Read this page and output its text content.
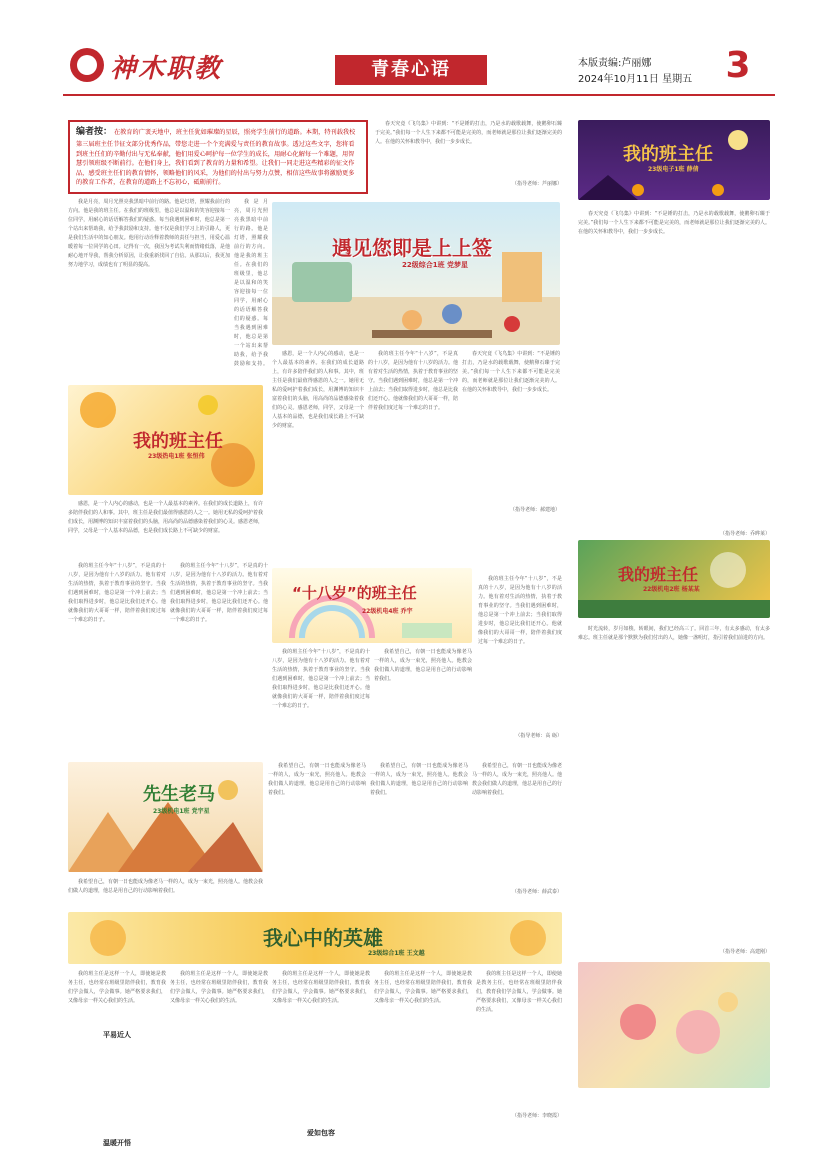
神木职教	青春心语	本版责编:芦丽娜
2024年10月11日 星期五 3
编者按： 在教育的广袤天地中，班主任犹如璀璨的星辰，照亮学生前行的道路。本期，特刊载我校第三届班主任节征文部分优秀作品，带您走进一个个充满爱与责任的教育故事。透过这些文字，您将看到班主任们的辛勤付出与无私奉献，他们用爱心呵护每一位学生的成长，用耐心化解每一个难题，用智慧引领班级不断前行。在他们身上，我们看到了教育的力量和希望。让我们一同走进这些精彩的征文作品，感受班主任们的教育情怀，领略他们的风采，为他们的付出与努力点赞，相信这些故事将激励更多的教育工作者，在教育的道路上不忘初心，砥砺前行。

我是月亮，周月光照亮我黑暗中前行的路。他是灯塔，照耀我前行的方向。他是我的班主任。在我们的班级里，他总是以温和的笑容迎接每一位同学，用耐心的话语解答我们的疑惑。每当我遇到困难时，他总是第一个站出来帮助我，给予我鼓励和支持。他不仅是我们学习上的引路人，更是我们生活中的知心朋友。他用行动诠释着教师的责任与担当，用爱心温暖着每一位同学的心田。记得有一次，我因为考试失利而情绪低落，是他耐心地开导我，帮我分析原因，让我重新找回了自信。从那以后，我更加努力地学习，成绩也有了明显的提高。

我是月亮，周月光照亮我黑暗中前行的路。他是灯塔，照耀我前行的方向。他是我的班主任。在我们的班级里，他总是以温和的笑容迎接每一位同学，用耐心的话语解答我们的疑惑。每当我遇到困难时，他总是第一个站出来帮助我，给予我鼓励和支持。

遇见您即是上上签
22级综合1班 党梦星

感恩，是一个人内心的感动，也是一个人最基本的素养。在我们的成长道路上，有许多陪伴我们的人和事。其中，班主任是我们最值得感恩的人之一。她用无私的爱呵护着我们成长，用渊博的知识丰富着我们的头脑，用高尚的品德感染着我们的心灵。感恩老师，同学，父母是一个人基本的品德，也是我们成长路上不可缺少的财富。

我的班主任今年“十八岁”，不是真的十八岁，是因为他有十八岁的活力。他有着对生活的热情，执着于教育事业的坚守。当我们遇到困难时，他总是第一个冲上前去；当我们取得进步时，他总是比我们还开心。他就像我们的大哥哥一样，陪伴着我们度过每一个难忘的日子。

春天究竟《飞鸟集》中讲到：“不是锤的打击，乃是水的载歌载舞，使鹅卵石臻于完美。”我们每一个人生下来都不可能是完美的，而老师就是那位让我们逐渐完美的人。在他的关怀和教导中，我们一步步成长。

（指导老师：郝建地）
我的班主任
23级热电1班 张恒伟

感恩，是一个人内心的感动，也是一个人最基本的素养。在我们的成长道路上，有许多陪伴我们的人和事。其中，班主任是我们最值得感恩的人之一。她用无私的爱呵护着我们成长，用渊博的知识丰富着我们的头脑，用高尚的品德感染着我们的心灵。感恩老师，同学，父母是一个人基本的品德，也是我们成长路上不可缺少的财富。

我的班主任今年“十八岁”，不是真的十八岁，是因为他有十八岁的活力。他有着对生活的热情，执着于教育事业的坚守。当我们遇到困难时，他总是第一个冲上前去；当我们取得进步时，他总是比我们还开心。他就像我们的大哥哥一样，陪伴着我们度过每一个难忘的日子。

我的班主任今年“十八岁”，不是真的十八岁，是因为他有十八岁的活力。他有着对生活的热情，执着于教育事业的坚守。当我们遇到困难时，他总是第一个冲上前去；当我们取得进步时，他总是比我们还开心。他就像我们的大哥哥一样，陪伴着我们度过每一个难忘的日子。

“十八岁”的班主任
22级机电4班 乔宇

我的班主任今年“十八岁”，不是真的十八岁，是因为他有十八岁的活力。他有着对生活的热情，执着于教育事业的坚守。当我们遇到困难时，他总是第一个冲上前去；当我们取得进步时，他总是比我们还开心。他就像我们的大哥哥一样，陪伴着我们度过每一个难忘的日子。

我希望自己，有朝一日也能成为像老马一样的人，成为一束光，照亮他人。他教会我们做人的道理，他总是用自己的行动影响着我们。

我的班主任今年“十八岁”，不是真的十八岁，是因为他有十八岁的活力。他有着对生活的热情，执着于教育事业的坚守。当我们遇到困难时，他总是第一个冲上前去；当我们取得进步时，他总是比我们还开心。他就像我们的大哥哥一样，陪伴着我们度过每一个难忘的日子。

（指导老师：高 砺）
先生老马
23级机电1班 党宇星

我希望自己，有朝一日也能成为像老马一样的人，成为一束光，照亮他人。他教会我们做人的道理，他总是用自己的行动影响着我们。

我希望自己，有朝一日也能成为像老马一样的人，成为一束光，照亮他人。他教会我们做人的道理，他总是用自己的行动影响着我们。

我希望自己，有朝一日也能成为像老马一样的人，成为一束光，照亮他人。他教会我们做人的道理，他总是用自己的行动影响着我们。

（指导老师：薛武泰）

我希望自己，有朝一日也能成为像老马一样的人，成为一束光，照亮他人。他教会我们做人的道理，他总是用自己的行动影响着我们。

我心中的英雄
23级综合1班 王文越

我的班主任是这样一个人，即使她是教务主任，也经常在班级里陪伴我们，教育我们学会做人，学会做事。她严格要求我们，又像母亲一样关心我们的生活。

平易近人
温暖开悟

我的班主任是这样一个人，即使她是教务主任，也经常在班级里陪伴我们，教育我们学会做人，学会做事。她严格要求我们，又像母亲一样关心我们的生活。

我的班主任是这样一个人，即使她是教务主任，也经常在班级里陪伴我们，教育我们学会做人，学会做事。她严格要求我们，又像母亲一样关心我们的生活。

爱如包容

我的班主任是这样一个人，即使她是教务主任，也经常在班级里陪伴我们，教育我们学会做人，学会做事。她严格要求我们，又像母亲一样关心我们的生活。

我的班主任是这样一个人，即使她是教务主任，也经常在班级里陪伴我们，教育我们学会做人，学会做事。她严格要求我们，又像母亲一样关心我们的生活。

（指导老师：李晓霞）

春天究竟《飞鸟集》中讲到：“不是锤的打击，乃是水的载歌载舞，使鹅卵石臻于完美。”我们每一个人生下来都不可能是完美的，而老师就是那位让我们逐渐完美的人。在他的关怀和教导中，我们一步步成长。

（指导老师：芦丽娜）
我的班主任
23级电子1班 薛倩

春天究竟《飞鸟集》中讲到：“不是锤的打击，乃是水的载歌载舞，使鹅卵石臻于完美。”我们每一个人生下来都不可能是完美的，而老师就是那位让我们逐渐完美的人。在他的关怀和教导中，我们一步步成长。

（指导老师：乔晔莱）
我的班主任
22级机电2班 杨某某

时光流转，岁月如梭。转眼间，我们已经高三了。回首三年，有太多感动，有太多难忘。班主任就是那个默默为我们付出的人，她像一盏明灯，指引着我们前进的方向。

（指导老师：高建刚）
